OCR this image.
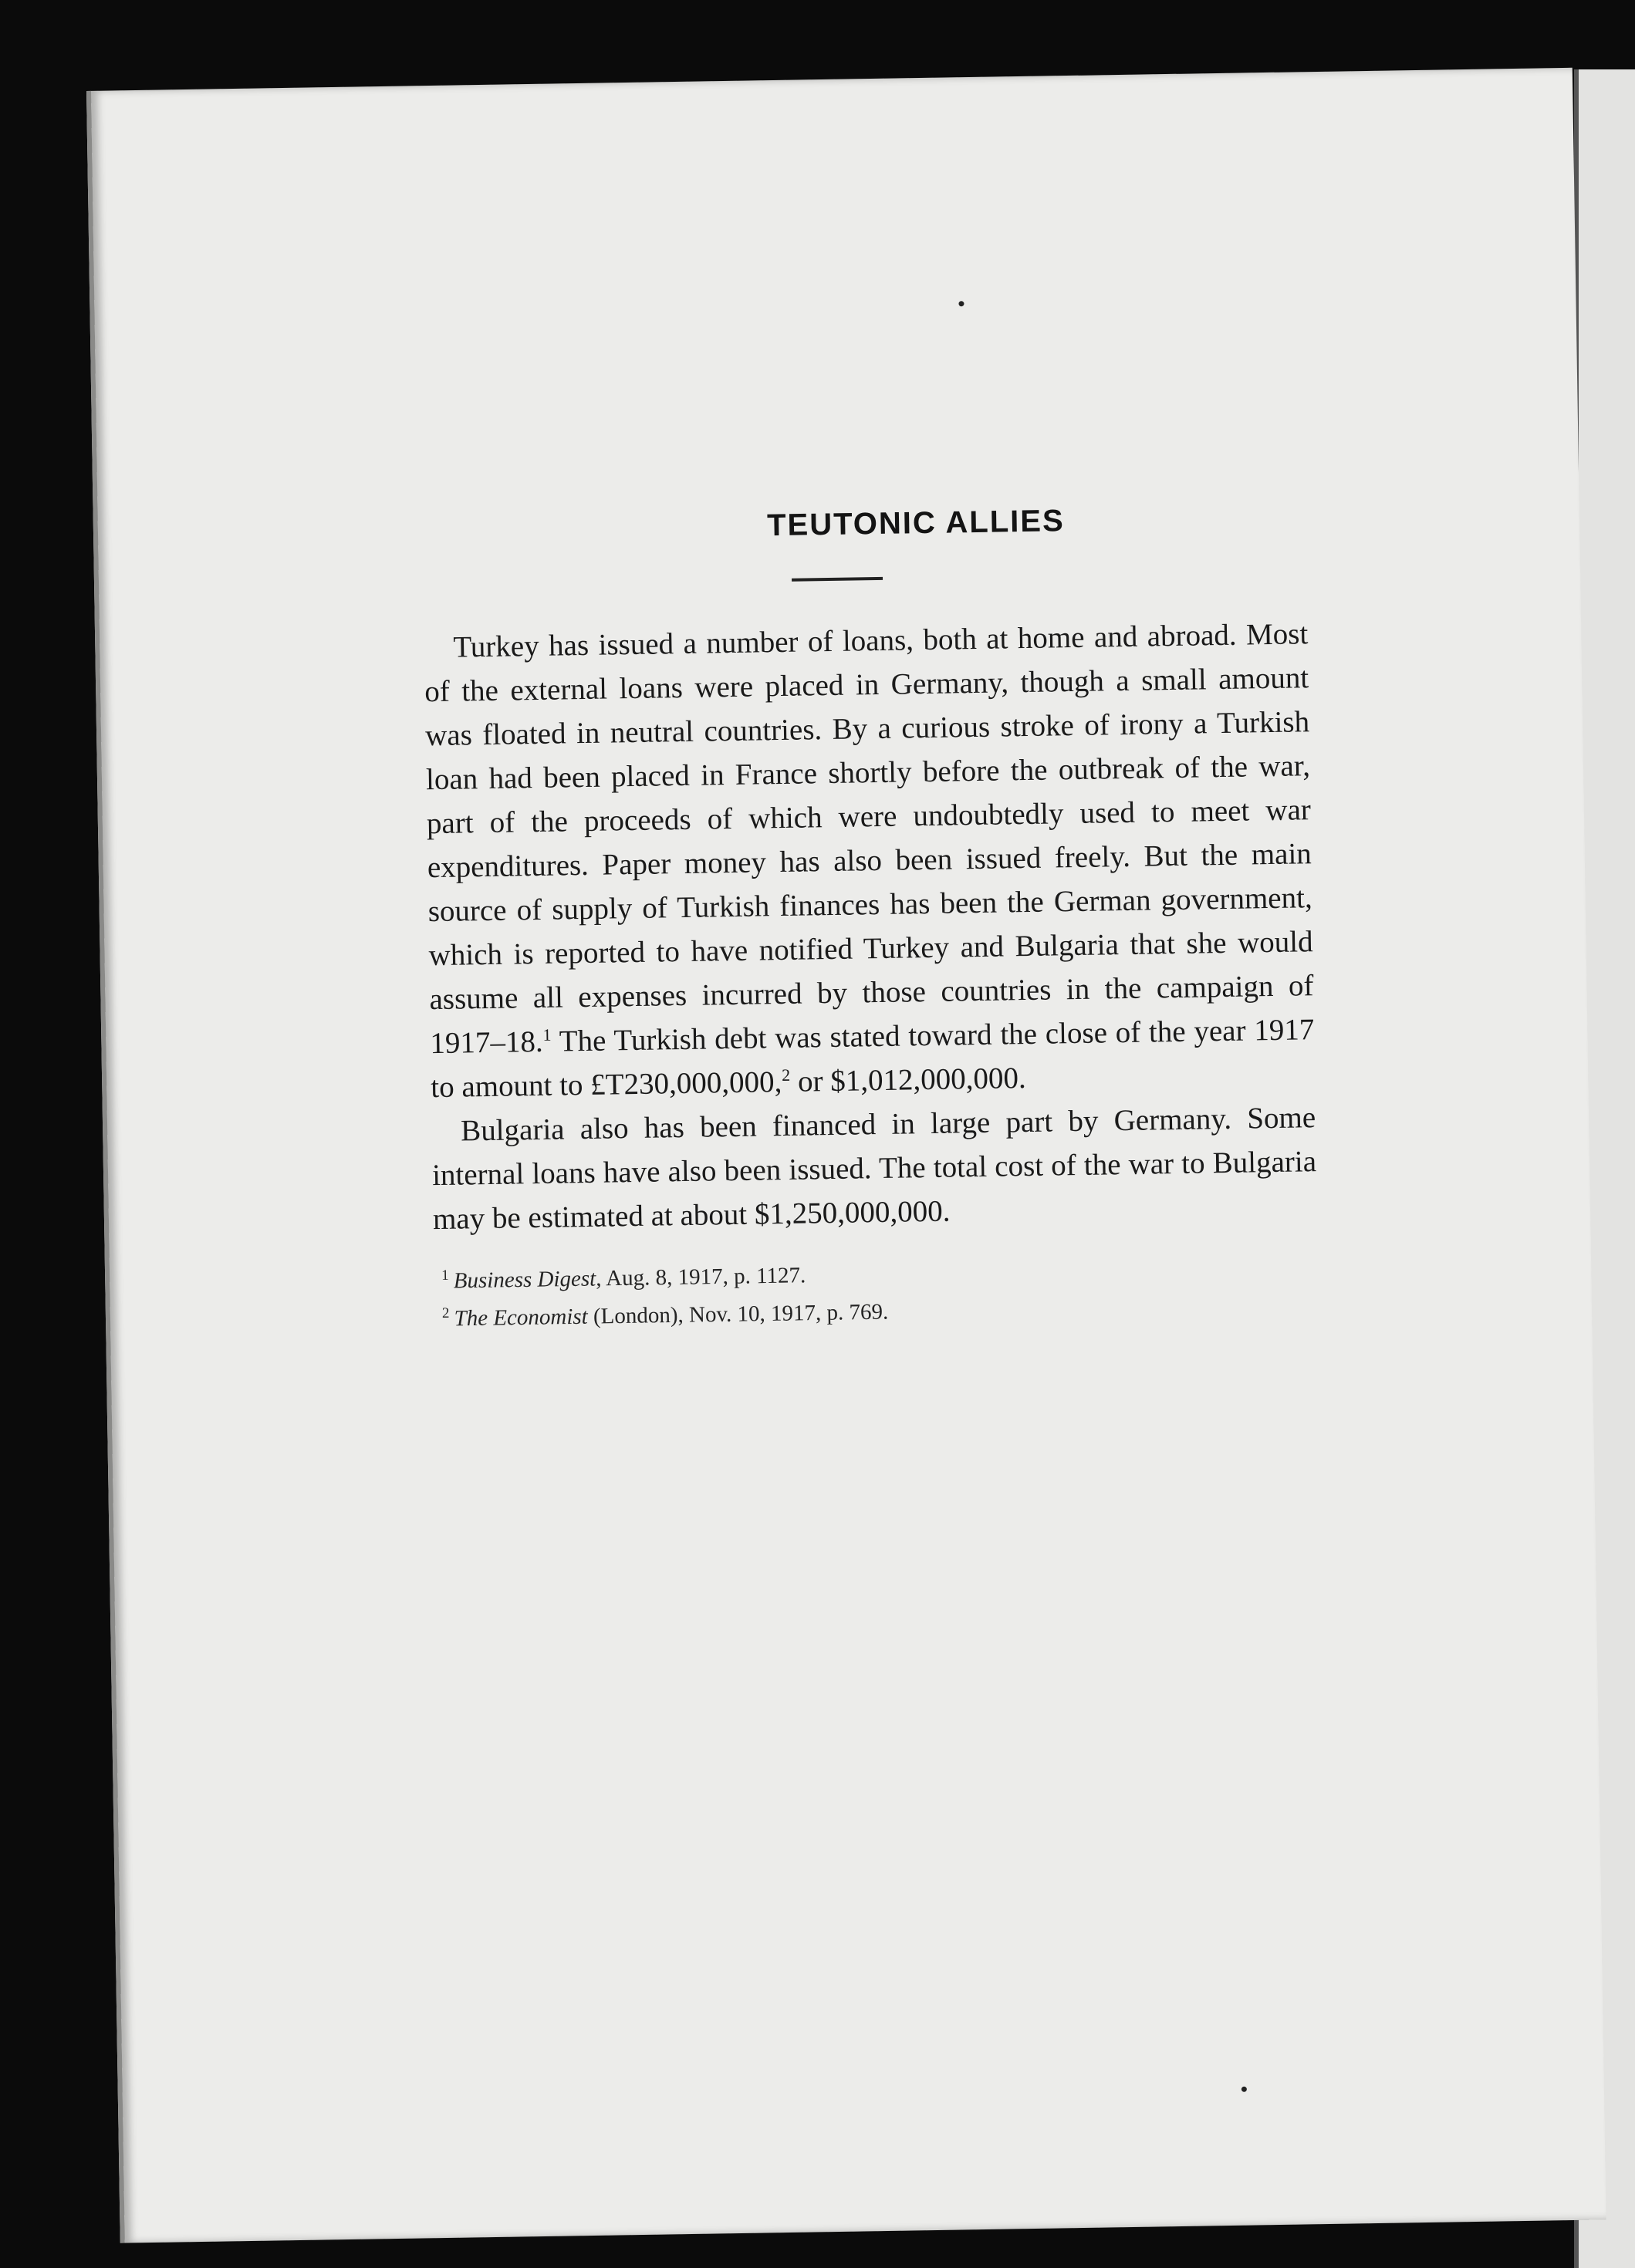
TEUTONIC ALLIES

Turkey has issued a number of loans, both at home and abroad. Most of the external loans were placed in Germany, though a small amount was floated in neutral countries. By a curious stroke of irony a Turkish loan had been placed in France shortly before the outbreak of the war, part of the proceeds of which were undoubtedly used to meet war expenditures. Paper money has also been issued freely. But the main source of supply of Turkish finances has been the German government, which is reported to have notified Turkey and Bulgaria that she would assume all expenses incurred by those countries in the campaign of 1917–18.$^1$ The Turkish debt was stated toward the close of the year 1917 to amount to £T230,000,000,$^2$ or $1,012,000,000.

Bulgaria also has been financed in large part by Germany. Some internal loans have also been issued. The total cost of the war to Bulgaria may be estimated at about $1,250,000,000.

$^1$ Business Digest, Aug. 8, 1917, p. 1127.
$^2$ The Economist (London), Nov. 10, 1917, p. 769.
